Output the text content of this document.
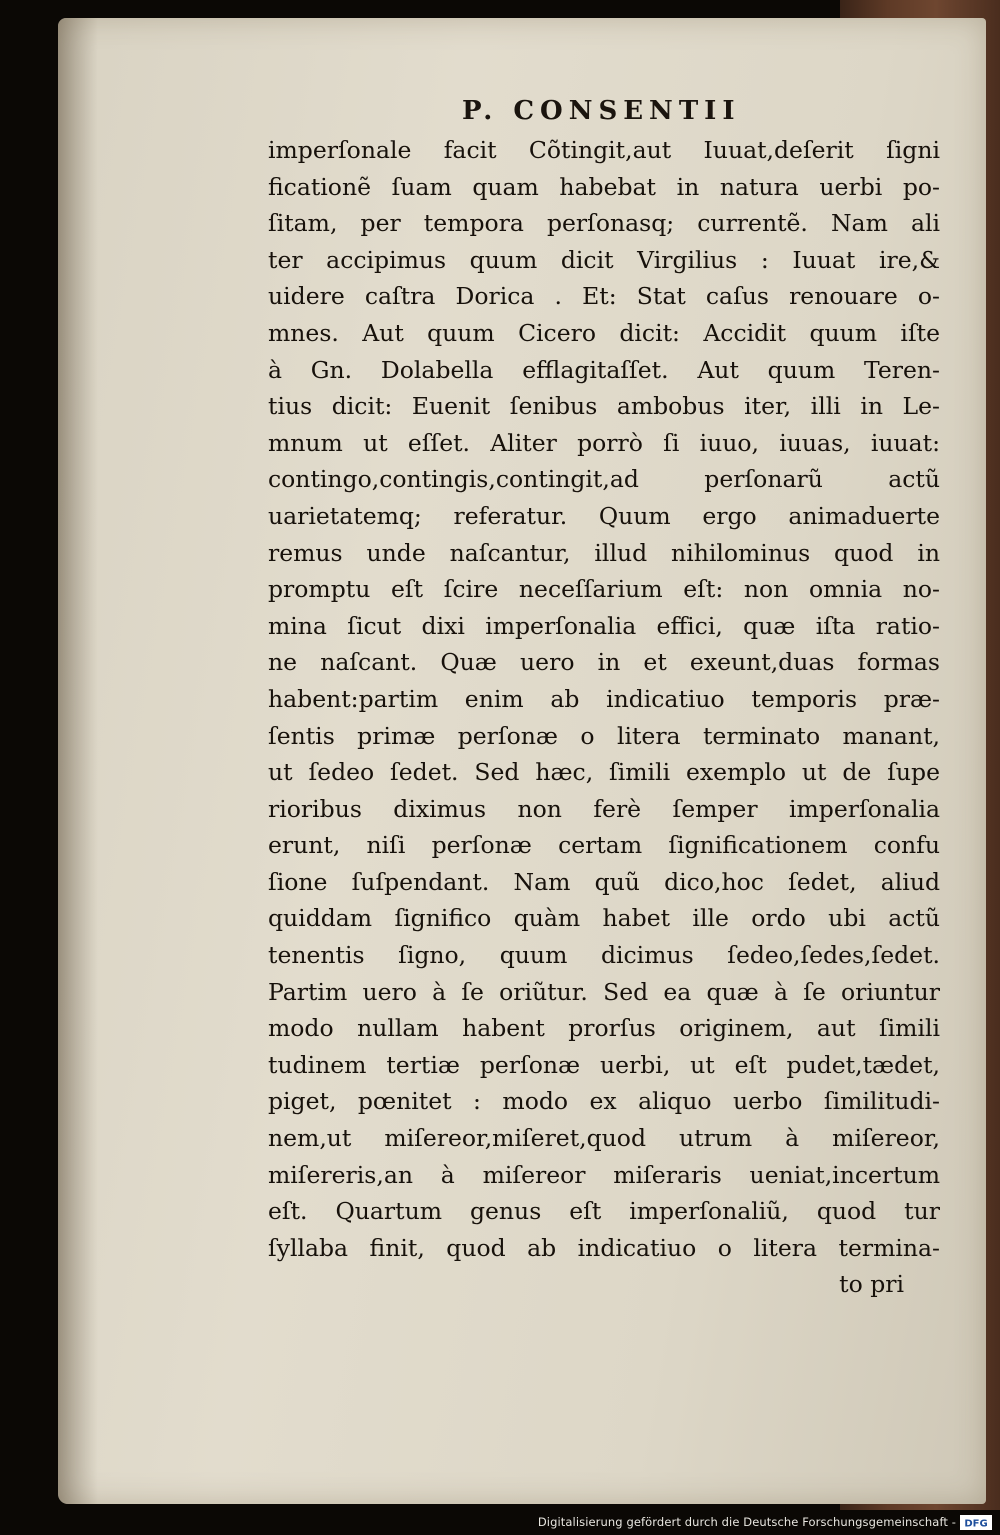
P. CONSENTII
imperſonale facit Cõtingit,aut Iuuat,deſerit ſigni
ficationẽ ſuam quam habebat in natura uerbi po-
ſitam, per tempora perſonasq; currentẽ. Nam ali
ter accipimus quum dicit Virgilius : Iuuat ire,&
uidere caſtra Dorica . Et: Stat caſus renouare o-
mnes. Aut quum Cicero dicit: Accidit quum iſte
à Gn. Dolabella efflagitaſſet. Aut quum Teren-
tius dicit: Euenit ſenibus ambobus iter, illi in Le-
mnum ut eſſet. Aliter porrò ſi iuuo, iuuas, iuuat:
contingo,contingis,contingit,ad perſonarũ actũ
uarietatemq; referatur. Quum ergo animaduerte
remus unde naſcantur, illud nihilominus quod in
promptu eſt ſcire neceſſarium eſt: non omnia no-
mina ſicut dixi imperſonalia effici, quæ iſta ratio-
ne naſcant. Quæ uero in et exeunt,duas formas
habent:partim enim ab indicatiuo temporis præ-
ſentis primæ perſonæ o litera terminato manant,
ut ſedeo ſedet. Sed hæc, ſimili exemplo ut de ſupe
rioribus diximus non ferè ſemper imperſonalia
erunt, niſi perſonæ certam ſignificationem confu
ſione ſuſpendant. Nam quũ dico,hoc ſedet, aliud
quiddam ſignifico quàm habet ille ordo ubi actũ
tenentis ſigno, quum dicimus ſedeo,ſedes,ſedet.
Partim uero à ſe oriũtur. Sed ea quæ à ſe oriuntur
modo nullam habent prorſus originem, aut ſimili
tudinem tertiæ perſonæ uerbi, ut eſt pudet,tædet,
piget, pœnitet : modo ex aliquo uerbo ſimilitudi-
nem,ut miſereor,miſeret,quod utrum à miſereor,
miſereris,an à miſereor miſeraris ueniat,incertum
eſt. Quartum genus eſt imperſonaliũ, quod tur
ſyllaba finit, quod ab indicatiuo o litera termina-
to pri
Digitalisierung gefördert durch die Deutsche Forschungsgemeinschaft - DFG
